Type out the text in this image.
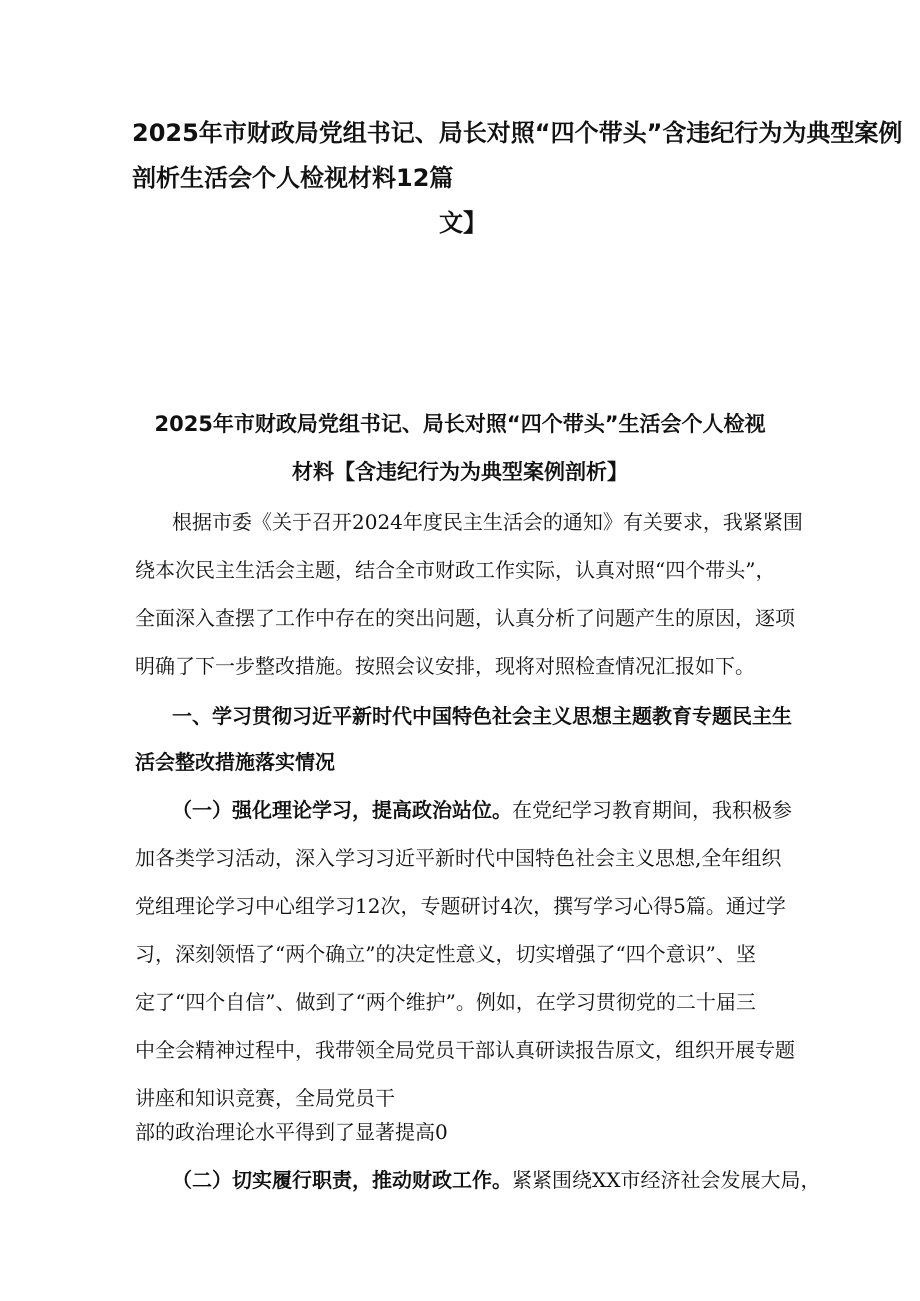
2025年市财政局党组书记、局长对照“四个带头”含违纪行为为典型案例

剖析生活会个人检视材料12篇

文】

2025年市财政局党组书记、局长对照“四个带头”生活会个人检视

材料【含违纪行为为典型案例剖析】

根据市委《关于召开2024年度民主生活会的通知》有关要求，我紧紧围

绕本次民主生活会主题，结合全市财政工作实际，认真对照“四个带头”，

全面深入查摆了工作中存在的突出问题，认真分析了问题产生的原因，逐项

明确了下一步整改措施。按照会议安排，现将对照检查情况汇报如下。

一、学习贯彻习近平新时代中国特色社会主义思想主题教育专题民主生

活会整改措施落实情况

（一）强化理论学习，提高政治站位。在党纪学习教育期间，我积极参

加各类学习活动，深入学习习近平新时代中国特色社会主义思想,全年组织

党组理论学习中心组学习12次，专题研讨4次，撰写学习心得5篇。通过学

习，深刻领悟了“两个确立”的决定性意义，切实增强了“四个意识”、坚

定了“四个自信”、做到了“两个维护”。例如，在学习贯彻党的二十届三

中全会精神过程中，我带领全局党员干部认真研读报告原文，组织开展专题

讲座和知识竞赛，全局党员干

部的政治理论水平得到了显著提高0

（二）切实履行职责，推动财政工作。紧紧围绕XX市经济社会发展大局，
